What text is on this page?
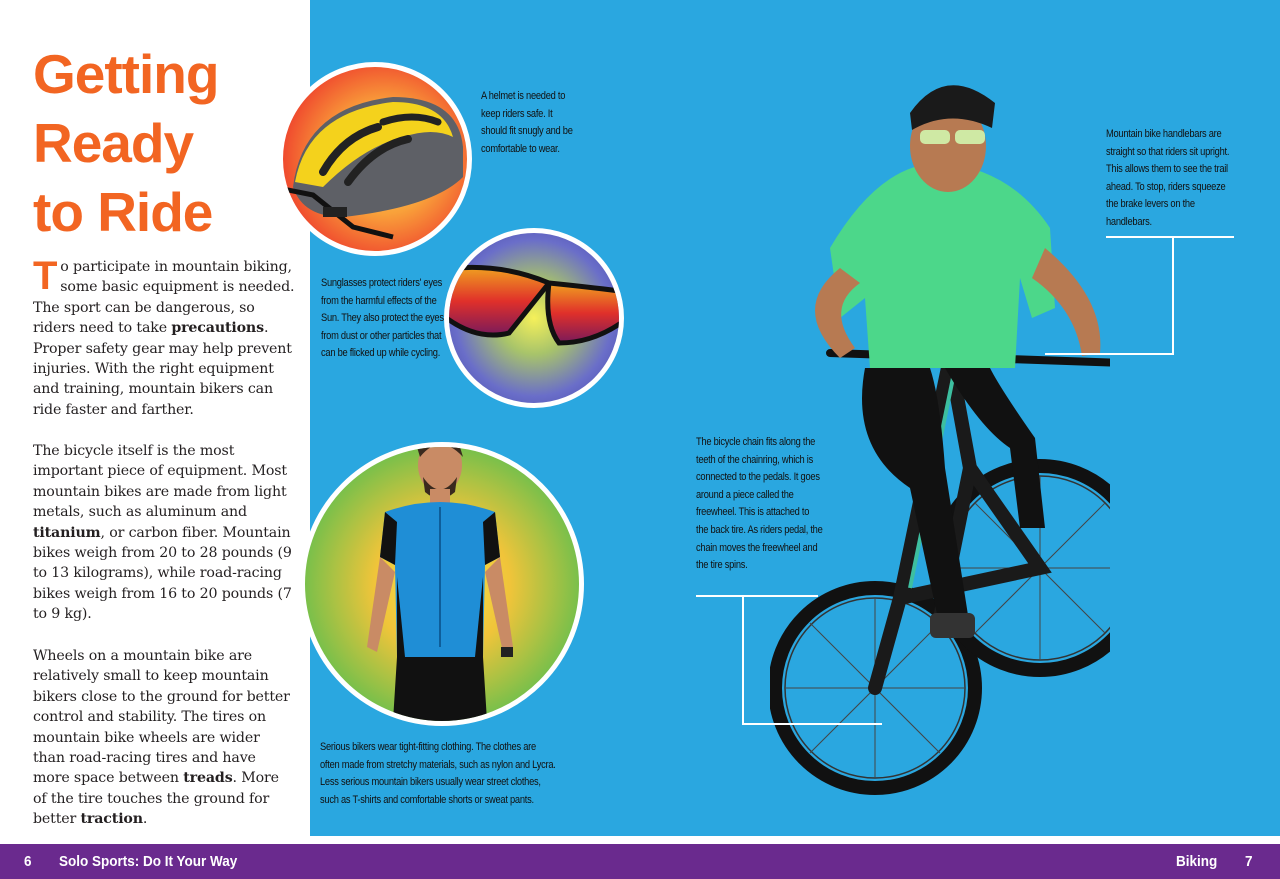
Getting
Ready
to Ride
To participate in mountain biking, some basic equipment is needed. The sport can be dangerous, so riders need to take precautions. Proper safety gear may help prevent injuries. With the right equipment and training, mountain bikers can ride faster and farther.
The bicycle itself is the most important piece of equipment. Most mountain bikes are made from light metals, such as aluminum and titanium, or carbon fiber. Mountain bikes weigh from 20 to 28 pounds (9 to 13 kilograms), while road-racing bikes weigh from 16 to 20 pounds (7 to 9 kg).
Wheels on a mountain bike are relatively small to keep mountain bikers close to the ground for better control and stability. The tires on mountain bike wheels are wider than road-racing tires and have more space between treads. More of the tire touches the ground for better traction.
A helmet is needed to keep riders safe. It should fit snugly and be comfortable to wear.
Sunglasses protect riders' eyes from the harmful effects of the Sun. They also protect the eyes from dust or other particles that can be flicked up while cycling.
Serious bikers wear tight-fitting clothing. The clothes are often made from stretchy materials, such as nylon and Lycra. Less serious mountain bikers usually wear street clothes, such as T-shirts and comfortable shorts or sweat pants.
Mountain bike handlebars are straight so that riders sit upright. This allows them to see the trail ahead. To stop, riders squeeze the brake levers on the handlebars.
The bicycle chain fits along the teeth of the chainring, which is connected to the pedals. It goes around a piece called the freewheel. This is attached to the back tire. As riders pedal, the chain moves the freewheel and the tire spins.
6 Solo Sports: Do It Your Way	Biking 7
